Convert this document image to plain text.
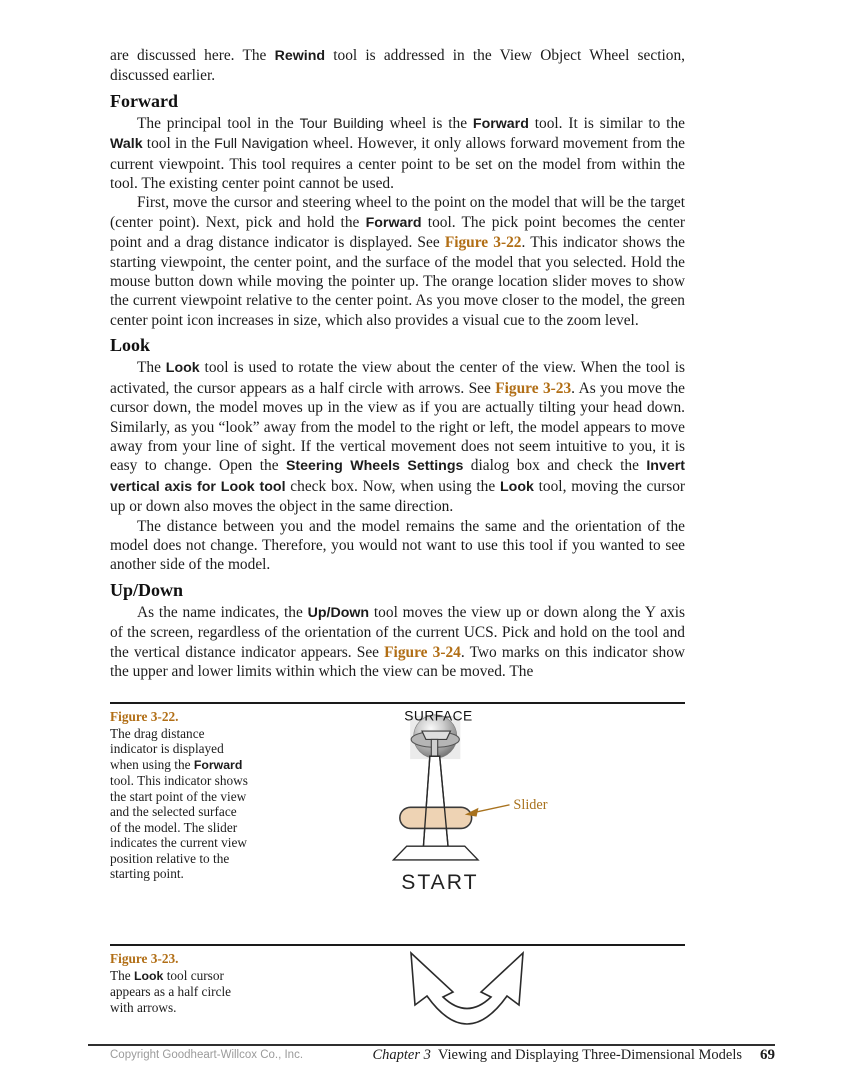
are discussed here. The Rewind tool is addressed in the View Object Wheel section, discussed earlier.

Forward

The principal tool in the Tour Building wheel is the Forward tool. It is similar to the Walk tool in the Full Navigation wheel. However, it only allows forward movement from the current viewpoint. This tool requires a center point to be set on the model from within the tool. The existing center point cannot be used.

First, move the cursor and steering wheel to the point on the model that will be the target (center point). Next, pick and hold the Forward tool. The pick point becomes the center point and a drag distance indicator is displayed. See Figure 3-22. This indicator shows the starting viewpoint, the center point, and the surface of the model that you selected. Hold the mouse button down while moving the pointer up. The orange location slider moves to show the current viewpoint relative to the center point. As you move closer to the model, the green center point icon increases in size, which also provides a visual cue to the zoom level.

Look

The Look tool is used to rotate the view about the center of the view. When the tool is activated, the cursor appears as a half circle with arrows. See Figure 3-23. As you move the cursor down, the model moves up in the view as if you are actually tilting your head down. Similarly, as you “look” away from the model to the right or left, the model appears to move away from your line of sight. If the vertical movement does not seem intuitive to you, it is easy to change. Open the Steering Wheels Settings dialog box and check the Invert vertical axis for Look tool check box. Now, when using the Look tool, moving the cursor up or down also moves the object in the same direction.

The distance between you and the model remains the same and the orientation of the model does not change. Therefore, you would not want to use this tool if you wanted to see another side of the model.

Up/Down

As the name indicates, the Up/Down tool moves the view up or down along the Y axis of the screen, regardless of the orientation of the current UCS. Pick and hold on the tool and the vertical distance indicator appears. See Figure 3-24. Two marks on this indicator show the upper and lower limits within which the view can be moved. The

Figure 3-22.
The drag distance indicator is displayed when using the Forward tool. This indicator shows the start point of the view and the selected surface of the model. The slider indicates the current view position relative to the starting point.
SURFACE
START
Slider
Figure 3-23.
The Look tool cursor appears as a half circle with arrows.
Copyright Goodheart-Willcox Co., Inc.	Chapter 3 Viewing and Displaying Three-Dimensional Models 69
